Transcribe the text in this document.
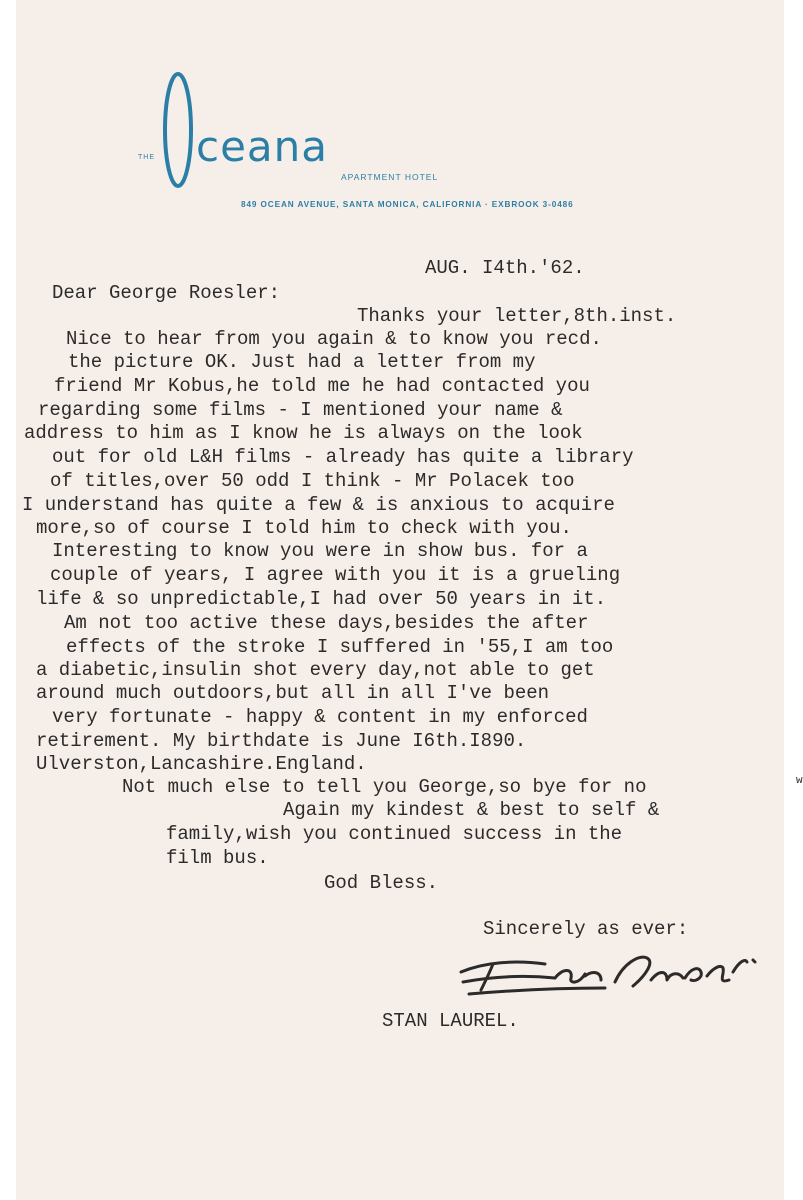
THE ceana
APARTMENT HOTEL
849 OCEAN AVENUE, SANTA MONICA, CALIFORNIA · EXBROOK 3-0486
AUG. I4th.'62.
Dear George Roesler:
Thanks your letter,8th.inst.
Nice to hear from you again & to know you recd.
the picture OK. Just had a letter from my
friend Mr Kobus,he told me he had contacted you
regarding some films - I mentioned your name &
address to him as I know he is always on the look
out for old L&H films - already has quite a library
of titles,over 50 odd I think - Mr Polacek too
I understand has quite a few & is anxious to acquire
more,so of course I told him to check with you.
Interesting to know you were in show bus. for a
couple of years, I agree with you it is a grueling
life & so unpredictable,I had over 50 years in it.
Am not too active these days,besides the after
effects of the stroke I suffered in '55,I am too
a diabetic,insulin shot every day,not able to get
around much outdoors,but all in all I've been
very fortunate - happy & content in my enforced
retirement. My birthdate is June I6th.I890.
Ulverston,Lancashire.England.
Not much else to tell you George,so bye for no	w
Again my kindest & best to self &
family,wish you continued success in the
film bus.
God Bless.
Sincerely as ever:
STAN LAUREL.
